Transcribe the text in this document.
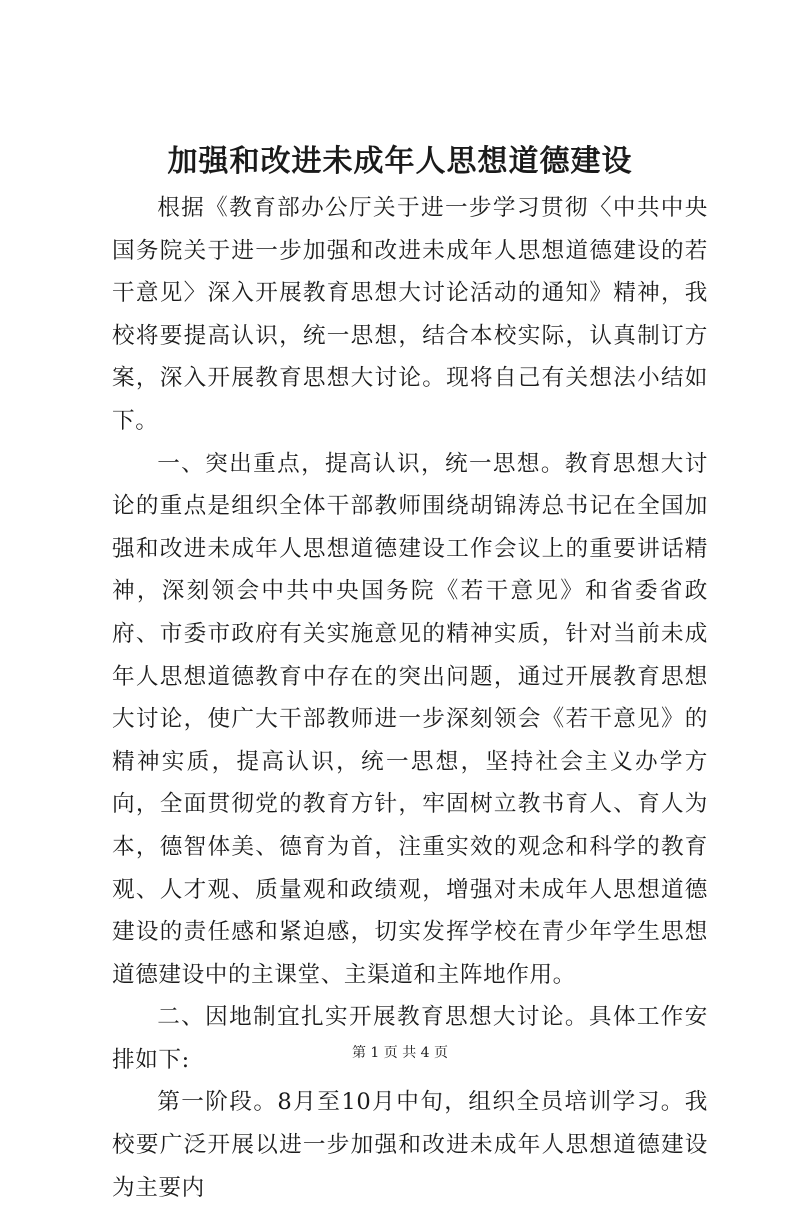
加强和改进未成年人思想道德建设

根据《教育部办公厅关于进一步学习贯彻〈中共中央国务院关于进一步加强和改进未成年人思想道德建设的若干意见〉深入开展教育思想大讨论活动的通知》精神，我校将要提高认识，统一思想，结合本校实际，认真制订方案，深入开展教育思想大讨论。现将自己有关想法小结如下。

一、突出重点，提高认识，统一思想。教育思想大讨论的重点是组织全体干部教师围绕胡锦涛总书记在全国加强和改进未成年人思想道德建设工作会议上的重要讲话精神，深刻领会中共中央国务院《若干意见》和省委省政府、市委市政府有关实施意见的精神实质，针对当前未成年人思想道德教育中存在的突出问题，通过开展教育思想大讨论，使广大干部教师进一步深刻领会《若干意见》的精神实质，提高认识，统一思想，坚持社会主义办学方向，全面贯彻党的教育方针，牢固树立教书育人、育人为本，德智体美、德育为首，注重实效的观念和科学的教育观、人才观、质量观和政绩观，增强对未成年人思想道德建设的责任感和紧迫感，切实发挥学校在青少年学生思想道德建设中的主课堂、主渠道和主阵地作用。

二、因地制宜扎实开展教育思想大讨论。具体工作安排如下:

第一阶段。8月至10月中旬，组织全员培训学习。我校要广泛开展以进一步加强和改进未成年人思想道德建设为主要内

第 1 页 共 4 页
